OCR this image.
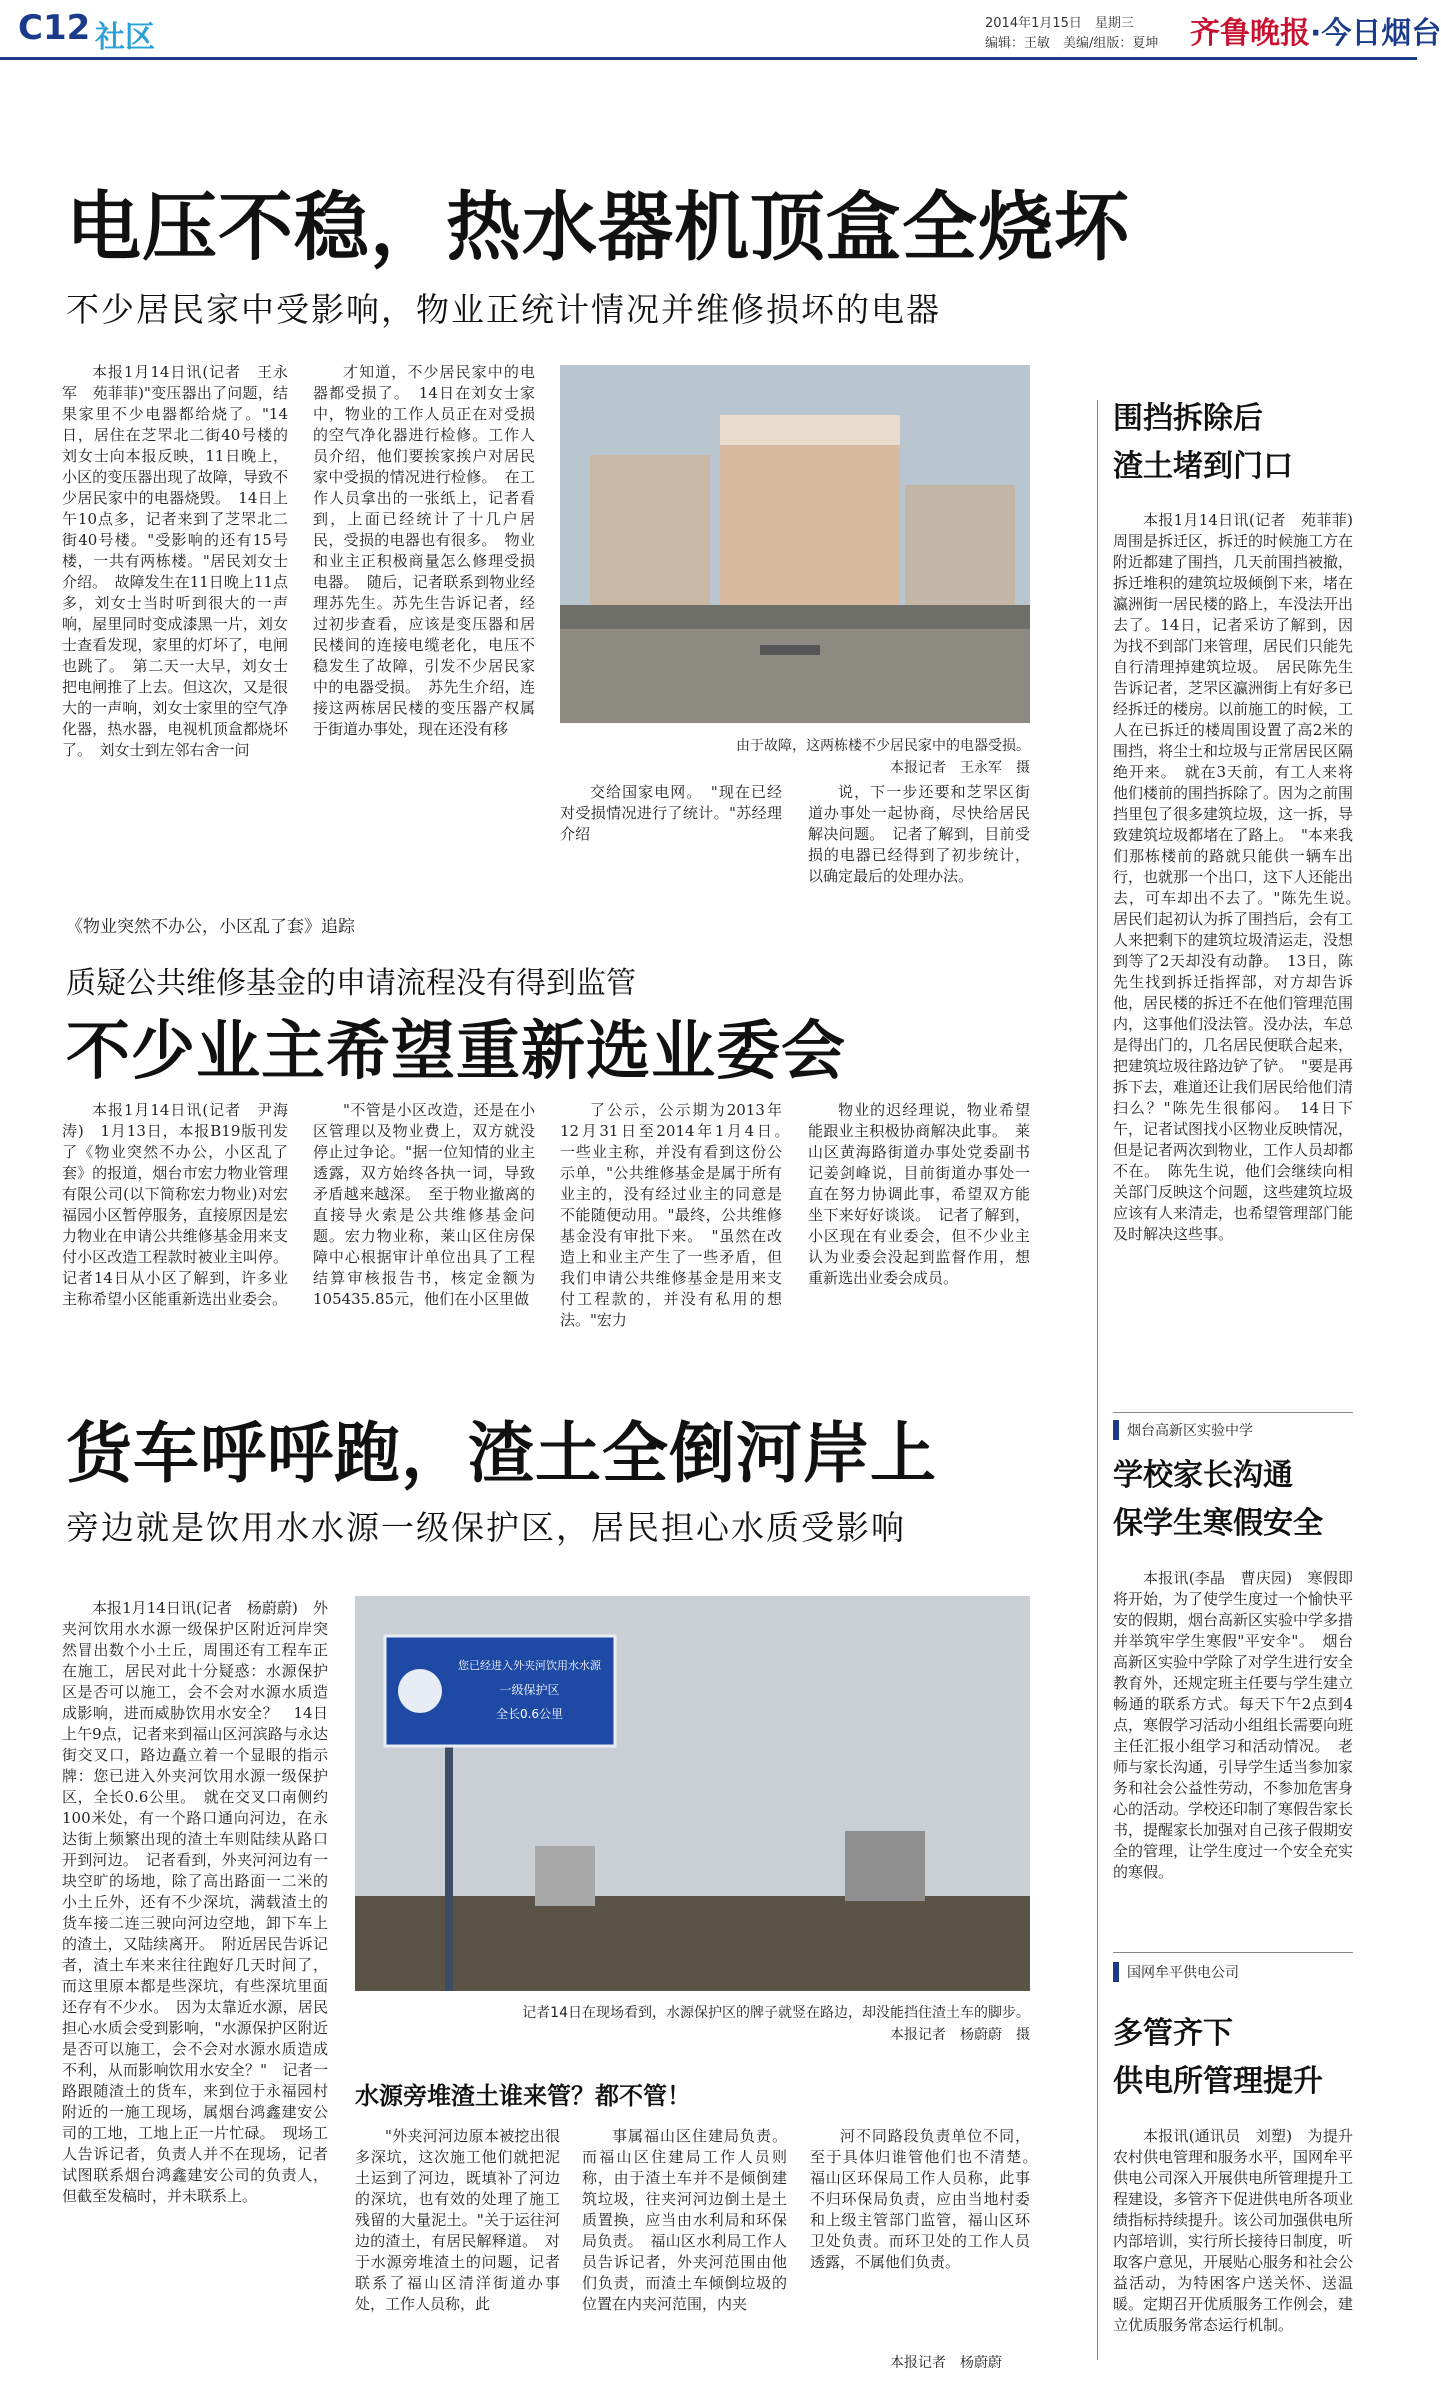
C12 社区	2014年1月15日　星期三
编辑：王敏　美编/组版：夏坤 齐鲁晚报·今日烟台
电压不稳，热水器机顶盒全烧坏
不少居民家中受影响，物业正统计情况并维修损坏的电器

本报1月14日讯(记者　王永军　苑菲菲)"变压器出了问题，结果家里不少电器都给烧了。"14日，居住在芝罘北二街40号楼的刘女士向本报反映，11日晚上，小区的变压器出现了故障，导致不少居民家中的电器烧毁。　14日上午10点多，记者来到了芝罘北二街40号楼。"受影响的还有15号楼，一共有两栋楼。"居民刘女士介绍。　故障发生在11日晚上11点多，刘女士当时听到很大的一声响，屋里同时变成漆黑一片，刘女士查看发现，家里的灯坏了，电闸也跳了。　第二天一大早，刘女士把电闸推了上去。但这次，又是很大的一声响，刘女士家里的空气净化器，热水器，电视机顶盒都烧坏了。　刘女士到左邻右舍一问

才知道，不少居民家中的电器都受损了。　14日在刘女士家中，物业的工作人员正在对受损的空气净化器进行检修。工作人员介绍，他们要挨家挨户对居民家中受损的情况进行检修。　在工作人员拿出的一张纸上，记者看到，上面已经统计了十几户居民，受损的电器也有很多。　物业和业主正积极商量怎么修理受损电器。　随后，记者联系到物业经理苏先生。苏先生告诉记者，经过初步查看，应该是变压器和居民楼间的连接电缆老化，电压不稳发生了故障，引发不少居民家中的电器受损。　苏先生介绍，连接这两栋居民楼的变压器产权属于街道办事处，现在还没有移

由于故障，这两栋楼不少居民家中的电器受损。
本报记者　王永军　摄

交给国家电网。　"现在已经对受损情况进行了统计。"苏经理介绍

说，下一步还要和芝罘区街道办事处一起协商，尽快给居民解决问题。　记者了解到，目前受损的电器已经得到了初步统计，以确定最后的处理办法。

《物业突然不办公，小区乱了套》追踪
质疑公共维修基金的申请流程没有得到监管
不少业主希望重新选业委会

本报1月14日讯(记者　尹海涛)　1月13日，本报B19版刊发了《物业突然不办公，小区乱了套》的报道，烟台市宏力物业管理有限公司(以下简称宏力物业)对宏福园小区暂停服务，直接原因是宏力物业在申请公共维修基金用来支付小区改造工程款时被业主叫停。记者14日从小区了解到，许多业主称希望小区能重新选出业委会。

"不管是小区改造，还是在小区管理以及物业费上，双方就没停止过争论。"据一位知情的业主透露，双方始终各执一词，导致矛盾越来越深。　至于物业撤离的直接导火索是公共维修基金问题。宏力物业称，莱山区住房保障中心根据审计单位出具了工程结算审核报告书，核定金额为105435.85元，他们在小区里做

了公示，公示期为2013年12月31日至2014年1月4日。　一些业主称，并没有看到这份公示单，"公共维修基金是属于所有业主的，没有经过业主的同意是不能随便动用。"最终，公共维修基金没有审批下来。　"虽然在改造上和业主产生了一些矛盾，但我们申请公共维修基金是用来支付工程款的，并没有私用的想法。"宏力

物业的迟经理说，物业希望能跟业主积极协商解决此事。　莱山区黄海路街道办事处党委副书记姜剑峰说，目前街道办事处一直在努力协调此事，希望双方能坐下来好好谈谈。　记者了解到，小区现在有业委会，但不少业主认为业委会没起到监督作用，想重新选出业委会成员。

货车呼呼跑，渣土全倒河岸上
旁边就是饮用水水源一级保护区，居民担心水质受影响

本报1月14日讯(记者　杨蔚蔚)　外夹河饮用水水源一级保护区附近河岸突然冒出数个小土丘，周围还有工程车正在施工，居民对此十分疑惑：水源保护区是否可以施工，会不会对水源水质造成影响，进而威胁饮用水安全？　14日上午9点，记者来到福山区河滨路与永达街交叉口，路边矗立着一个显眼的指示牌：您已进入外夹河饮用水源一级保护区，全长0.6公里。　就在交叉口南侧约100米处，有一个路口通向河边，在永达街上频繁出现的渣土车则陆续从路口开到河边。　记者看到，外夹河河边有一块空旷的场地，除了高出路面一二米的小土丘外，还有不少深坑，满载渣土的货车接二连三驶向河边空地，卸下车上的渣土，又陆续离开。　附近居民告诉记者，渣土车来来往往跑好几天时间了，而这里原本都是些深坑，有些深坑里面还存有不少水。　因为太靠近水源，居民担心水质会受到影响，"水源保护区附近是否可以施工，会不会对水源水质造成不利，从而影响饮用水安全？"　记者一路跟随渣土的货车，来到位于永福园村附近的一施工现场，属烟台鸿鑫建安公司的工地，工地上正一片忙碌。　现场工人告诉记者，负责人并不在现场，记者试图联系烟台鸿鑫建安公司的负责人，但截至发稿时，并未联系上。

您已经进入外夹河饮用水水源
一级保护区
全长0.6公里
记者14日在现场看到，水源保护区的牌子就竖在路边，却没能挡住渣土车的脚步。
本报记者　杨蔚蔚　摄
水源旁堆渣土谁来管？都不管！

"外夹河河边原本被挖出很多深坑，这次施工他们就把泥土运到了河边，既填补了河边的深坑，也有效的处理了施工残留的大量泥土。"关于运往河边的渣土，有居民解释道。　对于水源旁堆渣土的问题，记者联系了福山区清洋街道办事处，工作人员称，此

事属福山区住建局负责。而福山区住建局工作人员则称，由于渣土车并不是倾倒建筑垃圾，往夹河河边倒土是土质置换，应当由水利局和环保局负责。　福山区水利局工作人员告诉记者，外夹河范围由他们负责，而渣土车倾倒垃圾的位置在内夹河范围，内夹

河不同路段负责单位不同，至于具体归谁管他们也不清楚。　福山区环保局工作人员称，此事不归环保局负责，应由当地村委和上级主管部门监管，福山区环卫处负责。而环卫处的工作人员透露，不属他们负责。

本报记者　杨蔚蔚
围挡拆除后
渣土堵到门口

本报1月14日讯(记者　苑菲菲)　周围是拆迁区，拆迁的时候施工方在附近都建了围挡，几天前围挡被撤，拆迁堆积的建筑垃圾倾倒下来，堵在瀛洲街一居民楼的路上，车没法开出去了。14日，记者采访了解到，因为找不到部门来管理，居民们只能先自行清理掉建筑垃圾。　居民陈先生告诉记者，芝罘区瀛洲街上有好多已经拆迁的楼房。以前施工的时候，工人在已拆迁的楼周围设置了高2米的围挡，将尘土和垃圾与正常居民区隔绝开来。　就在3天前，有工人来将他们楼前的围挡拆除了。因为之前围挡里包了很多建筑垃圾，这一拆，导致建筑垃圾都堵在了路上。　"本来我们那栋楼前的路就只能供一辆车出行，也就那一个出口，这下人还能出去，可车却出不去了。"陈先生说。　居民们起初认为拆了围挡后，会有工人来把剩下的建筑垃圾清运走，没想到等了2天却没有动静。　13日，陈先生找到拆迁指挥部，对方却告诉他，居民楼的拆迁不在他们管理范围内，这事他们没法管。没办法，车总是得出门的，几名居民便联合起来，把建筑垃圾往路边铲了铲。　"要是再拆下去，难道还让我们居民给他们清扫么？"陈先生很郁闷。　14日下午，记者试图找小区物业反映情况，但是记者两次到物业，工作人员却都不在。　陈先生说，他们会继续向相关部门反映这个问题，这些建筑垃圾应该有人来清走，也希望管理部门能及时解决这些事。

烟台高新区实验中学
学校家长沟通
保学生寒假安全

本报讯(李晶　曹庆园)　寒假即将开始，为了使学生度过一个愉快平安的假期，烟台高新区实验中学多措并举筑牢学生寒假"平安伞"。　烟台高新区实验中学除了对学生进行安全教育外，还规定班主任要与学生建立畅通的联系方式。每天下午2点到4点，寒假学习活动小组组长需要向班主任汇报小组学习和活动情况。　老师与家长沟通，引导学生适当参加家务和社会公益性劳动，不参加危害身心的活动。学校还印制了寒假告家长书，提醒家长加强对自己孩子假期安全的管理，让学生度过一个安全充实的寒假。

国网牟平供电公司
多管齐下
供电所管理提升

本报讯(通讯员　刘塑)　为提升农村供电管理和服务水平，国网牟平供电公司深入开展供电所管理提升工程建设，多管齐下促进供电所各项业绩指标持续提升。该公司加强供电所内部培训，实行所长接待日制度，听取客户意见，开展贴心服务和社会公益活动，为特困客户送关怀、送温暖。定期召开优质服务工作例会，建立优质服务常态运行机制。
